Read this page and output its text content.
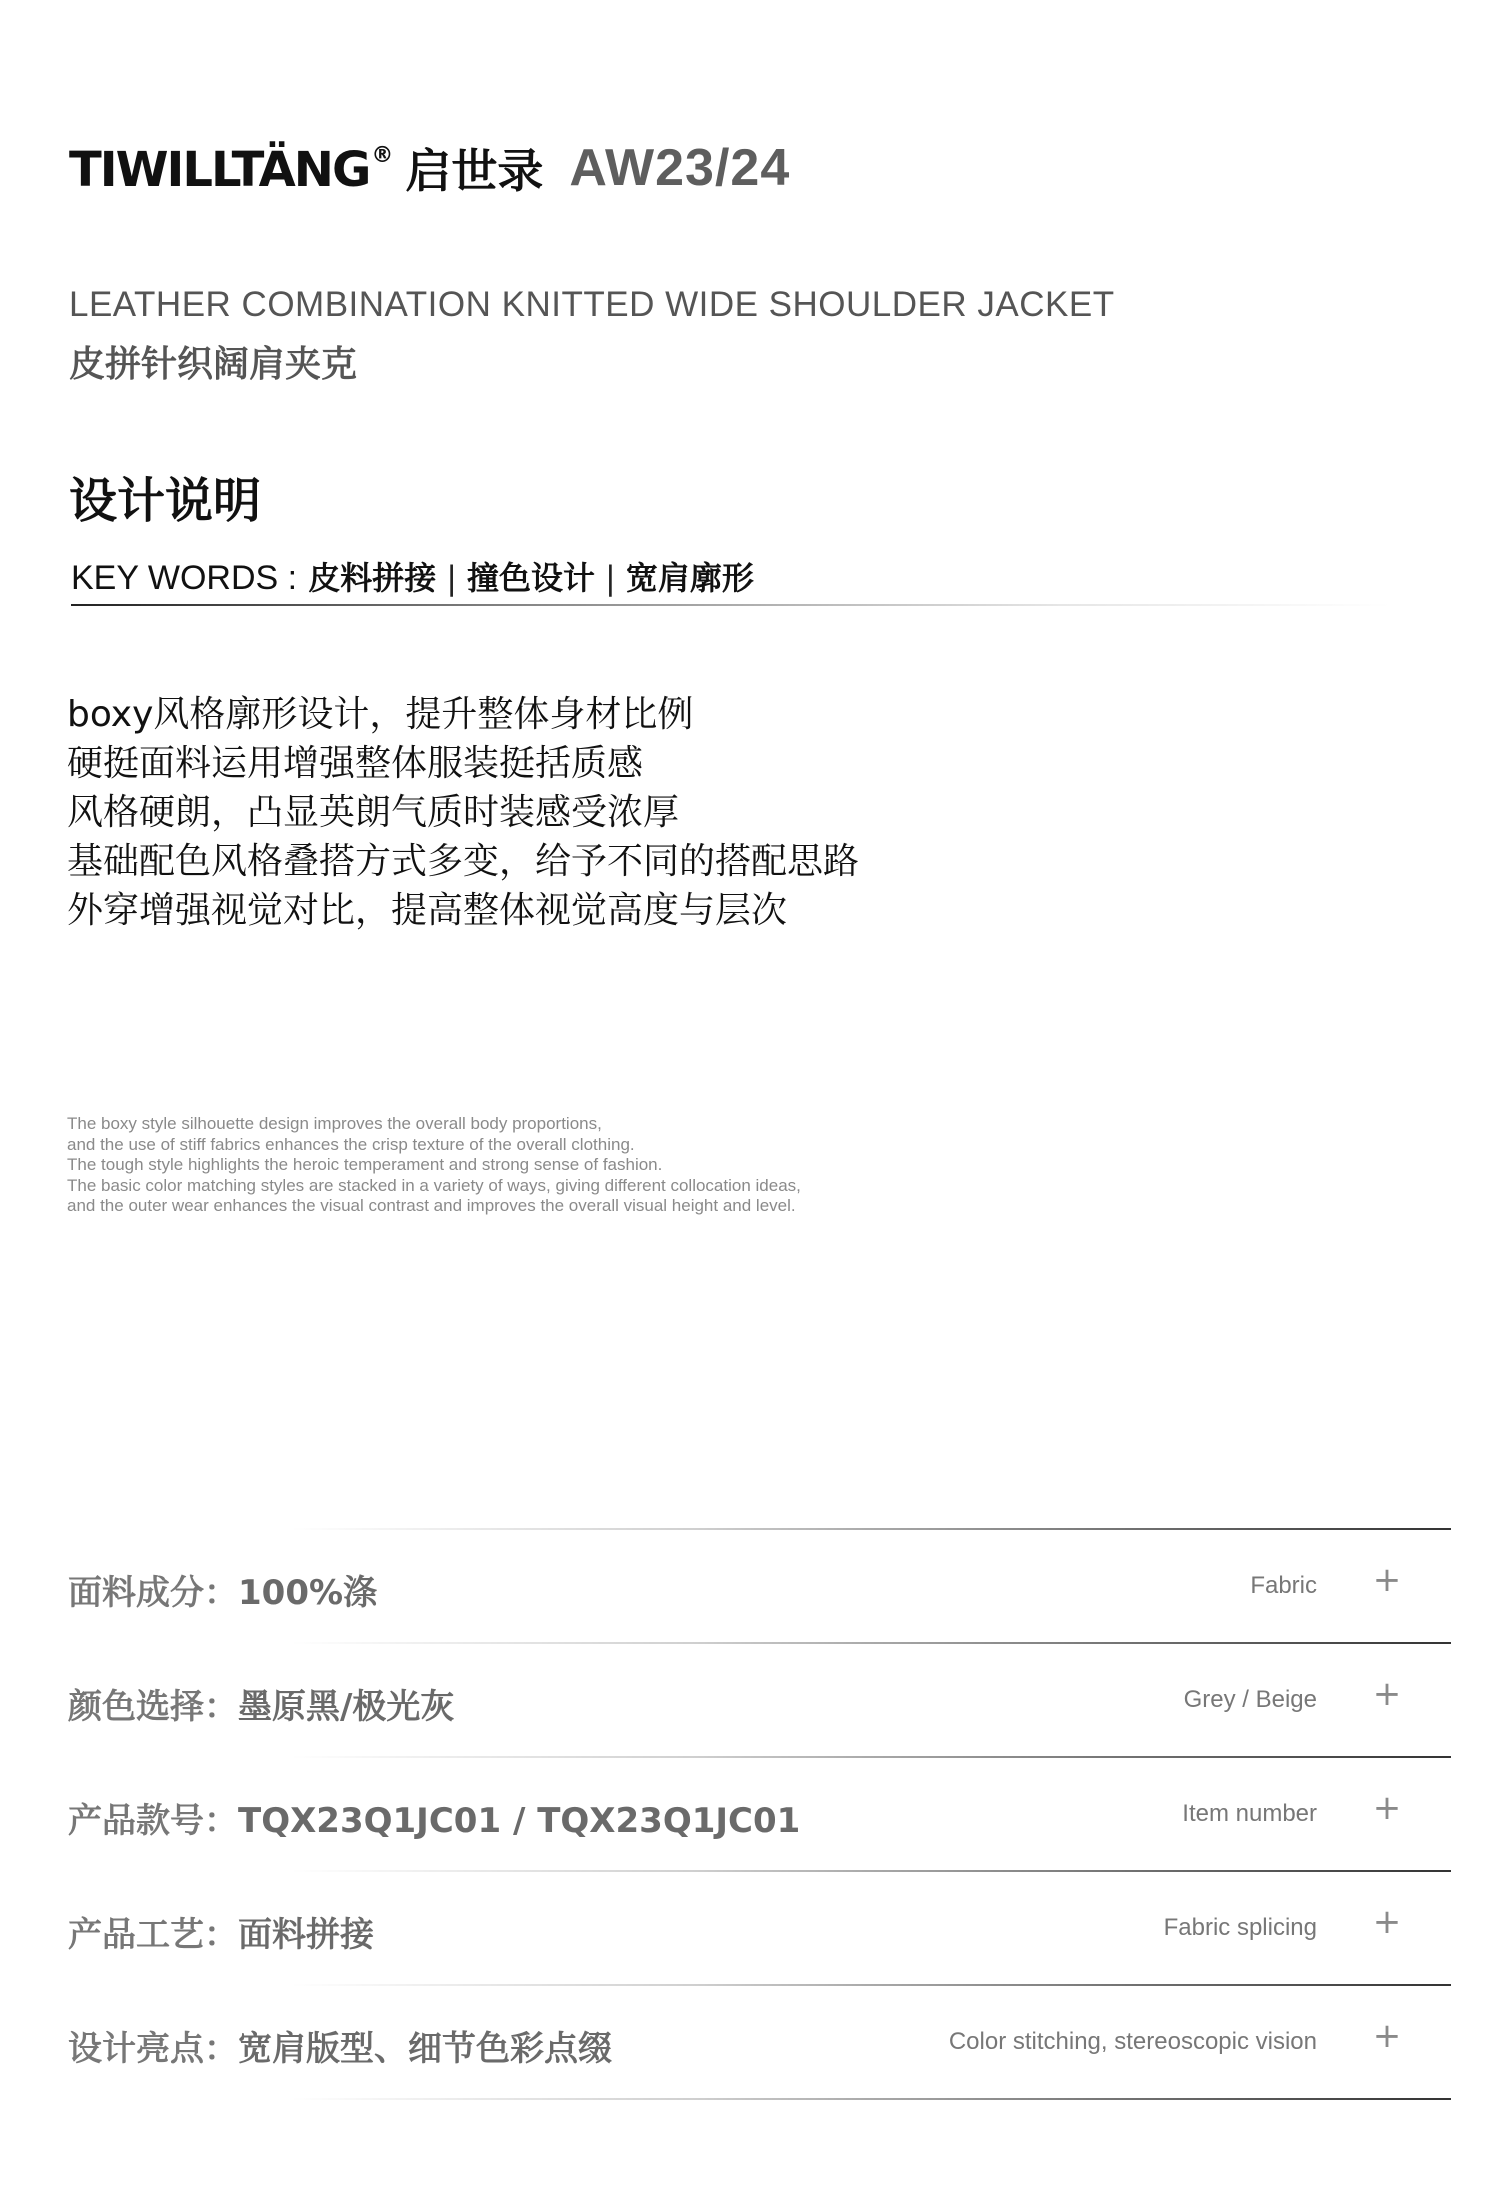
TIWILLTÄNG ® 启世录 AW23/24
LEATHER COMBINATION KNITTED WIDE SHOULDER JACKET
皮拼针织阔肩夹克
设计说明
KEY WORDS : 皮料拼接 | 撞色设计 | 宽肩廓形
boxy风格廓形设计，提升整体身材比例
硬挺面料运用增强整体服装挺括质感
风格硬朗，凸显英朗气质时装感受浓厚
基础配色风格叠搭方式多变，给予不同的搭配思路
外穿增强视觉对比，提高整体视觉高度与层次
The boxy style silhouette design improves the overall body proportions,
and the use of stiff fabrics enhances the crisp texture of the overall clothing.
The tough style highlights the heroic temperament and strong sense of fashion.
The basic color matching styles are stacked in a variety of ways, giving different collocation ideas,
and the outer wear enhances the visual contrast and improves the overall visual height and level.
面料成分：100%涤	Fabric +
颜色选择：墨原黑/极光灰	Grey / Beige +
产品款号：TQX23Q1JC01 / TQX23Q1JC01	Item number +
产品工艺：面料拼接	Fabric splicing +
设计亮点：宽肩版型、细节色彩点缀	Color stitching, stereoscopic vision +
